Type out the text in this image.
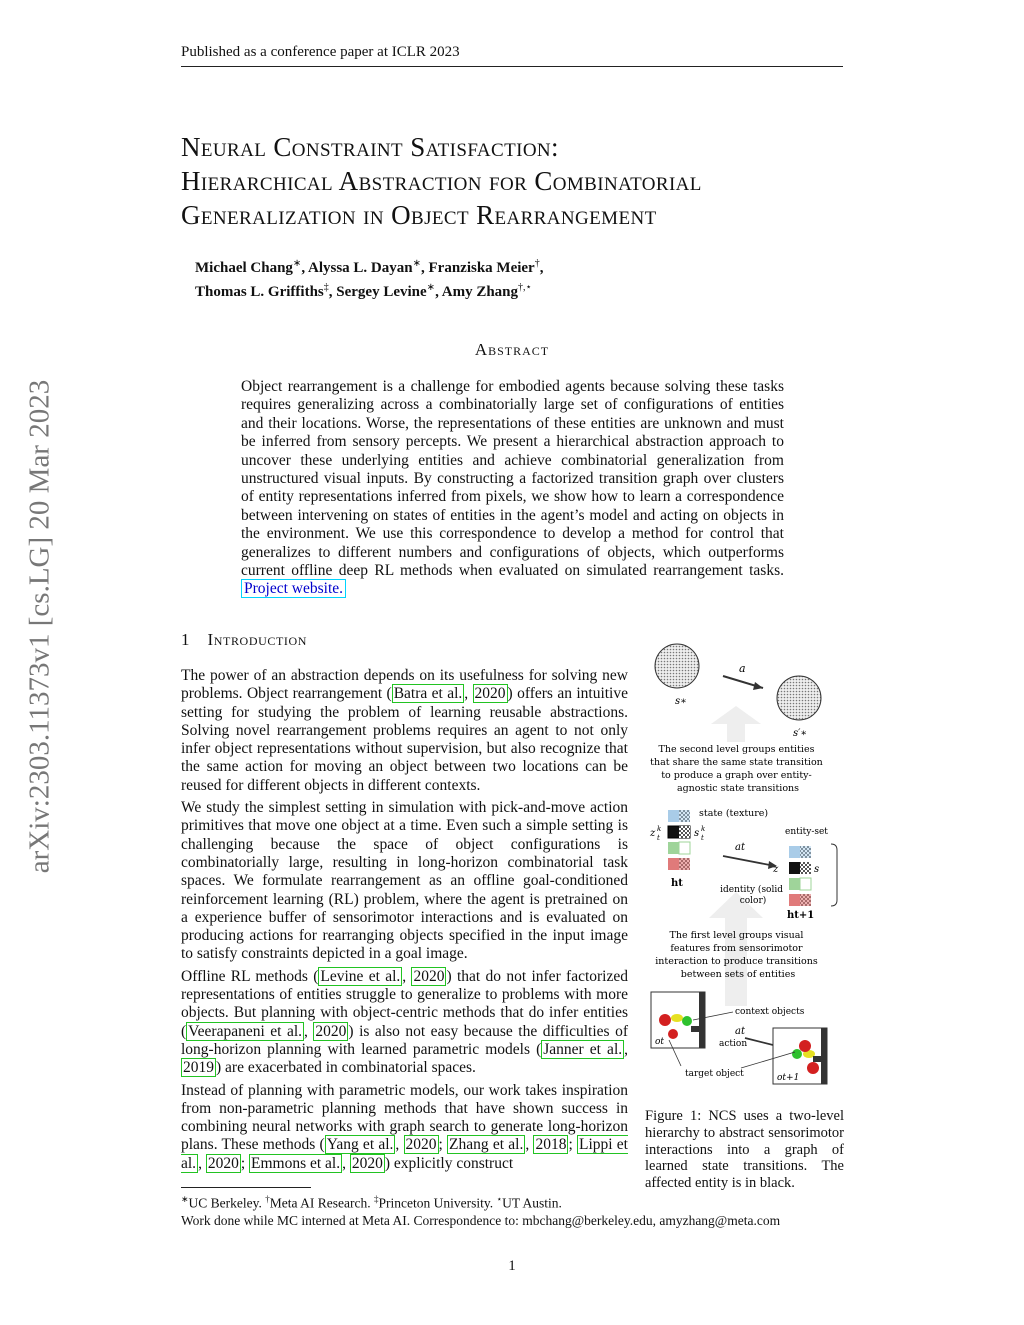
Published as a conference paper at ICLR 2023
Neural Constraint Satisfaction:
Hierarchical Abstraction for Combinatorial
Generalization in Object Rearrangement
Michael Chang∗, Alyssa L. Dayan∗, Franziska Meier†,
Thomas L. Griffiths‡, Sergey Levine∗, Amy Zhang†,⋆
arXiv:2303.11373v1 [cs.LG] 20 Mar 2023
Abstract
Object rearrangement is a challenge for embodied agents because solving these tasks requires generalizing across a combinatorially large set of configurations of entities and their locations. Worse, the representations of these entities are unknown and must be inferred from sensory percepts. We present a hierarchical abstraction approach to uncover these underlying entities and achieve combinatorial generalization from unstructured visual inputs. By constructing a factorized transition graph over clusters of entity representations inferred from pixels, we show how to learn a correspondence between intervening on states of entities in the agent’s model and acting on objects in the environment. We use this correspondence to develop a method for control that generalizes to different numbers and configurations of objects, which outperforms current offline deep RL methods when evaluated on simulated rearrangement tasks. Project website.
1 Introduction

The power of an abstraction depends on its usefulness for solving new problems. Object rearrangement ( Batra et al. , 2020 ) offers an intuitive setting for studying the problem of learning reusable abstractions. Solving novel rearrangement problems requires an agent to not only infer object representations without supervision, but also recognize that the same action for moving an object between two locations can be reused for different objects in different contexts.

We study the simplest setting in simulation with pick-and-move action primitives that move one object at a time. Even such a simple setting is challenging because the space of object configurations is combinatorially large, resulting in long-horizon combinatorial task spaces. We formulate rearrangement as an offline goal-conditioned reinforcement learning (RL) problem, where the agent is pretrained on a experience buffer of sensorimotor interactions and is evaluated on producing actions for rearranging objects specified in the input image to satisfy constraints depicted in a goal image.

Offline RL methods ( Levine et al. , 2020 ) that do not infer factorized representations of entities struggle to generalize to problems with more objects. But planning with object-centric methods that do infer entities ( Veerapaneni et al. , 2020 ) is also not easy because the difficulties of long-horizon planning with learned parametric models ( Janner et al. , 2019 ) are exacerbated in combinatorial spaces.

Instead of planning with parametric models, our work takes inspiration from non-parametric planning methods that have shown success in combining neural networks with graph search to generate long-horizon plans. These methods ( Yang et al. , 2020 ; Zhang et al. , 2018 ; Lippi et al. , 2020 ; Emmons et al. , 2020 ) explicitly construct

s∗
a
s′∗
The second level groups entities that share the same state transition to produce a graph over entity- agnostic state transitions
state (texture)
z k
t	s k
t
ht
at
identity (solid color)
entity-set
z	s
ht+1
The first level groups visual features from sensorimotor interaction to produce transitions between sets of entities
ot
context objects
at
action
ot+1
target object
Figure 1: NCS uses a two-level hierarchy to abstract sensorimotor interactions into a graph of learned state transitions. The affected entity is in black.
∗UC Berkeley. †Meta AI Research. ‡Princeton University. ⋆UT Austin.
Work done while MC interned at Meta AI. Correspondence to: mbchang@berkeley.edu, amyzhang@meta.com
1
